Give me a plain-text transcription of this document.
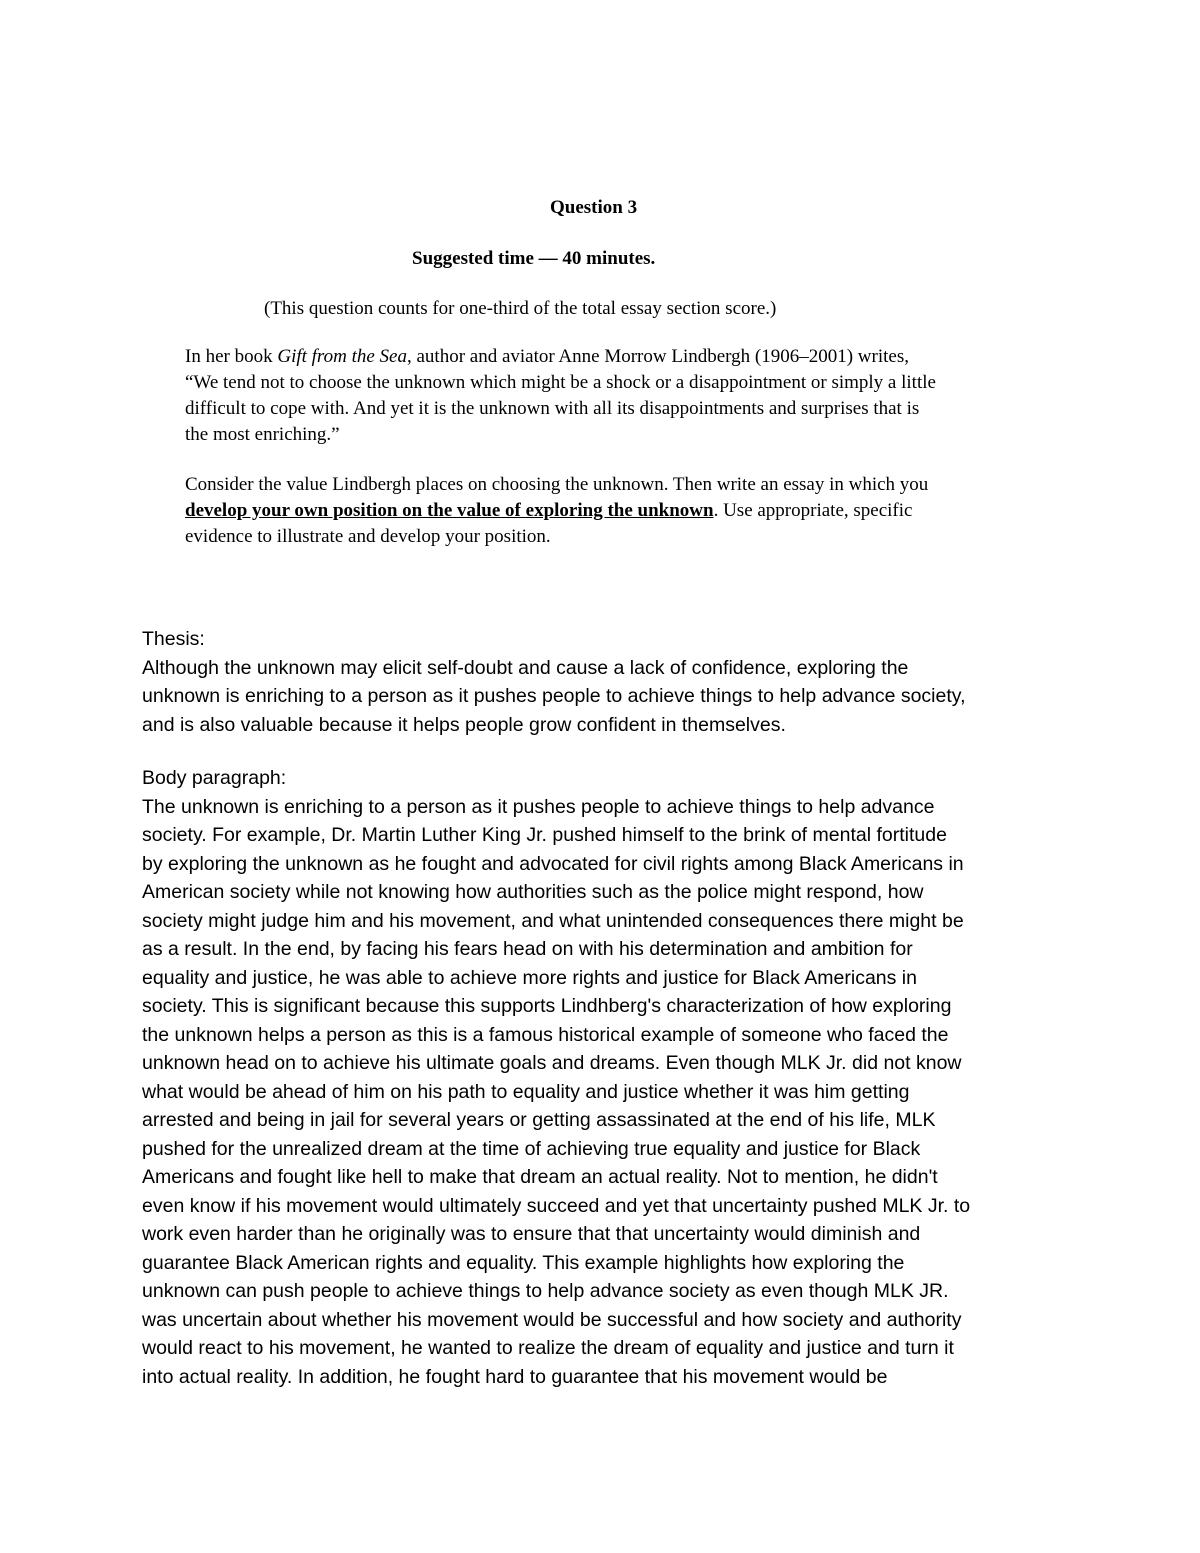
Question 3
Suggested time — 40 minutes.
(This question counts for one-third of the total essay section score.)
In her book Gift from the Sea, author and aviator Anne Morrow Lindbergh (1906–2001) writes,
“We tend not to choose the unknown which might be a shock or a disappointment or simply a little
difficult to cope with. And yet it is the unknown with all its disappointments and surprises that is
the most enriching.”
Consider the value Lindbergh places on choosing the unknown. Then write an essay in which you
develop your own position on the value of exploring the unknown. Use appropriate, specific
evidence to illustrate and develop your position.
Thesis:
Although the unknown may elicit self-doubt and cause a lack of confidence, exploring the
unknown is enriching to a person as it pushes people to achieve things to help advance society,
and is also valuable because it helps people grow confident in themselves.
Body paragraph:
The unknown is enriching to a person as it pushes people to achieve things to help advance
society. For example, Dr. Martin Luther King Jr. pushed himself to the brink of mental fortitude
by exploring the unknown as he fought and advocated for civil rights among Black Americans in
American society while not knowing how authorities such as the police might respond, how
society might judge him and his movement, and what unintended consequences there might be
as a result. In the end, by facing his fears head on with his determination and ambition for
equality and justice, he was able to achieve more rights and justice for Black Americans in
society. This is significant because this supports Lindhberg's characterization of how exploring
the unknown helps a person as this is a famous historical example of someone who faced the
unknown head on to achieve his ultimate goals and dreams. Even though MLK Jr. did not know
what would be ahead of him on his path to equality and justice whether it was him getting
arrested and being in jail for several years or getting assassinated at the end of his life, MLK
pushed for the unrealized dream at the time of achieving true equality and justice for Black
Americans and fought like hell to make that dream an actual reality. Not to mention, he didn't
even know if his movement would ultimately succeed and yet that uncertainty pushed MLK Jr. to
work even harder than he originally was to ensure that that uncertainty would diminish and
guarantee Black American rights and equality. This example highlights how exploring the
unknown can push people to achieve things to help advance society as even though MLK JR.
was uncertain about whether his movement would be successful and how society and authority
would react to his movement, he wanted to realize the dream of equality and justice and turn it
into actual reality. In addition, he fought hard to guarantee that his movement would be
